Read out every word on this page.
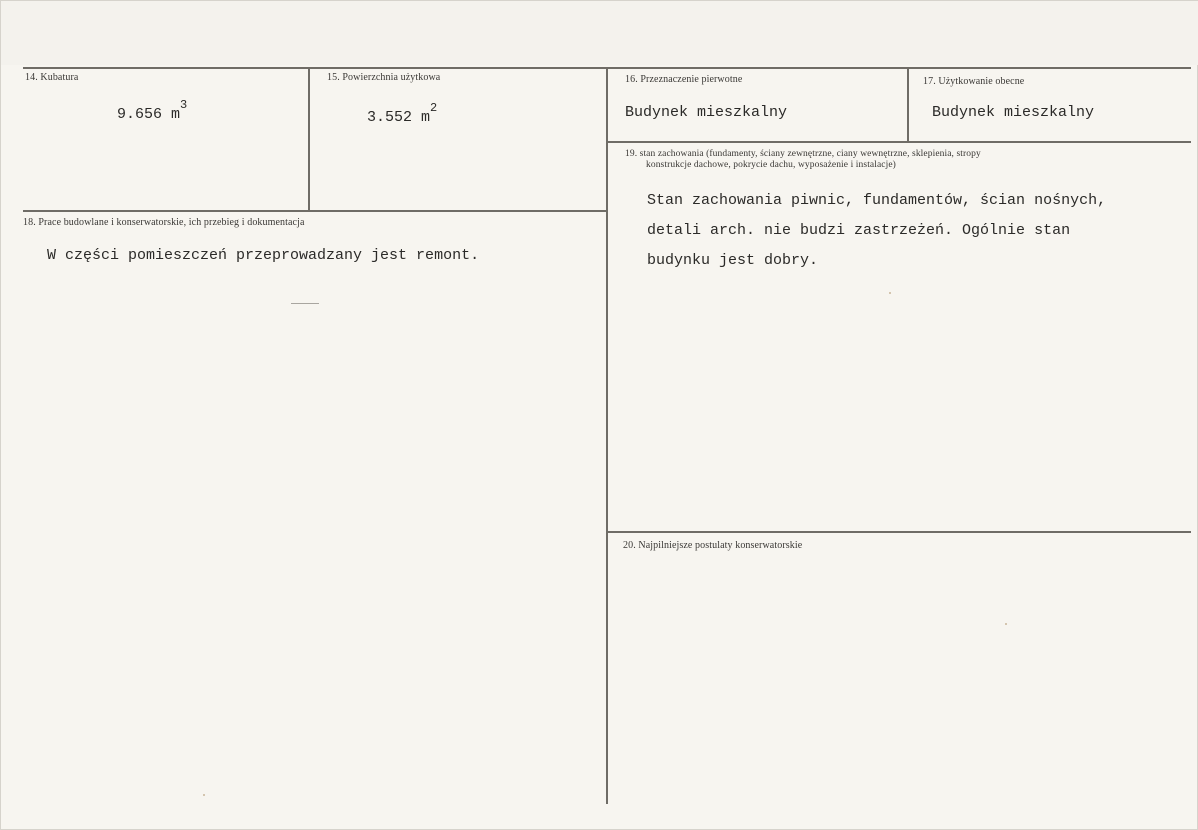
14. Kubatura
9.656 $m^3$
15. Powierzchnia użytkowa
3.552 $m^2$
16. Przeznaczenie pierwotne
Budynek mieszkalny
17. Użytkowanie obecne
Budynek mieszkalny
18. Prace budowlane i konserwatorskie, ich przebieg i dokumentacja
W części pomieszczeń przeprowadzany jest remont.
19. stan zachowania (fundamenty, ściany zewnętrzne, ciany wewnętrzne, sklepienia, stropy
konstrukcje dachowe, pokrycie dachu, wyposażenie i instalacje)
Stan zachowania piwnic, fundamentów, ścian nośnych,
detali arch. nie budzi zastrzeżeń. Ogólnie stan
budynku jest dobry.
20. Najpilniejsze postulaty konserwatorskie
